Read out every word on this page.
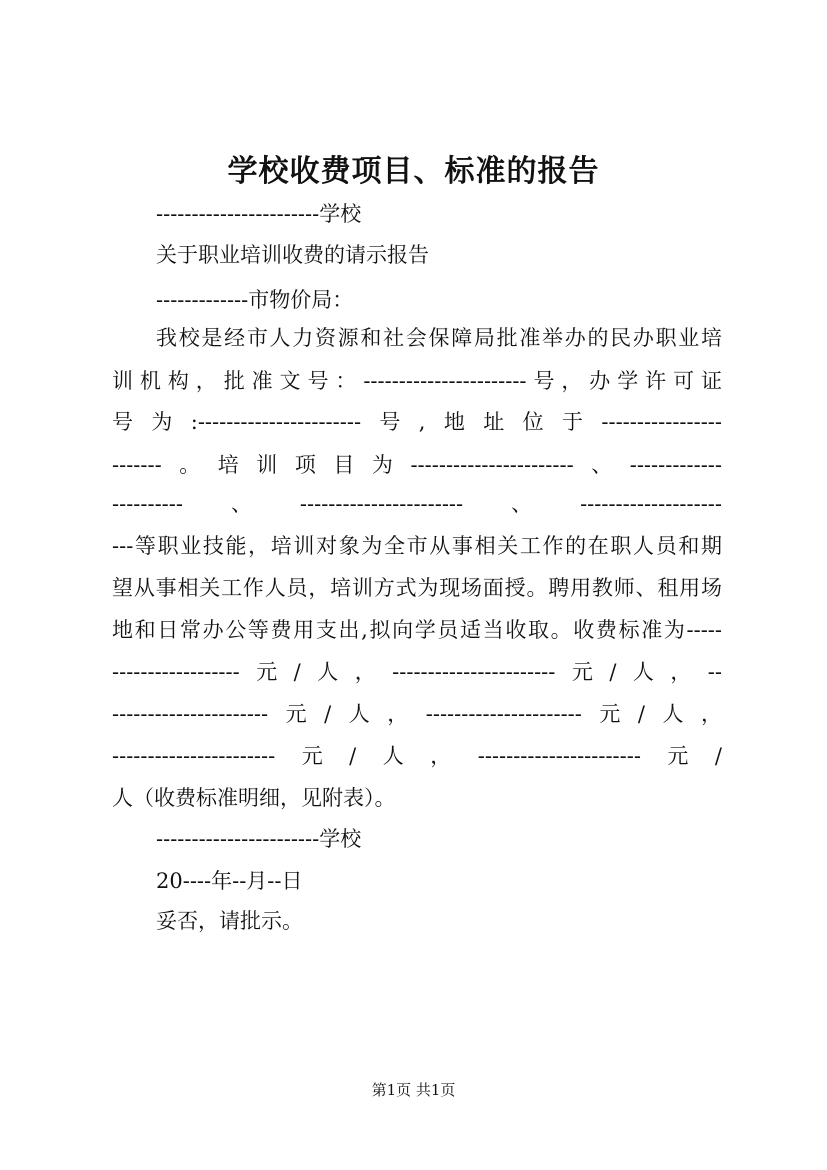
学校收费项目、标准的报告
-----------------------学校
关于职业培训收费的请示报告
-------------市物价局：
我校是经市人力资源和社会保障局批准举办的民办职业培
训机构，批准文号：-----------------------号，办学许可证
号为:-----------------------号,地址位于-----------------
-------。培训项目为-----------------------、-------------
----------、-----------------------、--------------------
---等职业技能，培训对象为全市从事相关工作的在职人员和期
望从事相关工作人员，培训方式为现场面授。聘用教师、租用场
地和日常办公等费用支出,拟向学员适当收取。收费标准为-----
------------------元/人，-----------------------元/人，--
----------------------元/人，----------------------元/人，
-----------------------元/人，-----------------------元/
人（收费标准明细，见附表）。
-----------------------学校
20----年--月--日
妥否，请批示。
第1页 共1页
